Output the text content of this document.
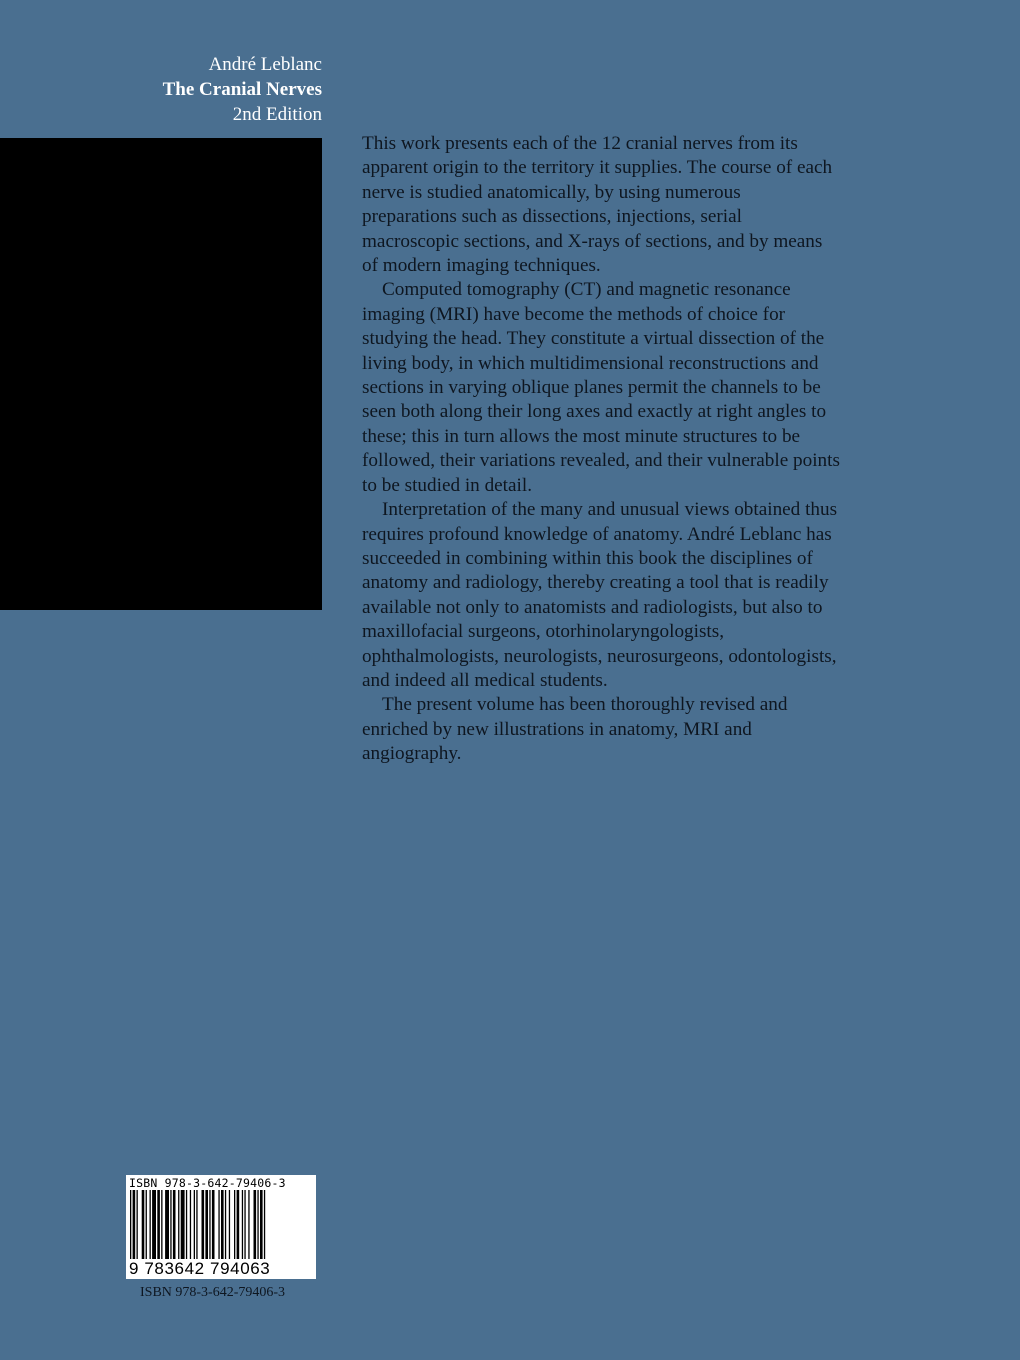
André Leblanc
The Cranial Nerves
2nd Edition

This work presents each of the 12 cranial nerves from its apparent origin to the territory it supplies. The course of each nerve is studied anatomically, by using numerous preparations such as dissections, injections, serial macroscopic sections, and X-rays of sections, and by means of modern imaging techniques.

Computed tomography (CT) and magnetic resonance imaging (MRI) have become the methods of choice for studying the head. They constitute a virtual dissection of the living body, in which multidimensional reconstructions and sections in varying oblique planes permit the channels to be seen both along their long axes and exactly at right angles to these; this in turn allows the most minute structures to be followed, their variations revealed, and their vulnerable points to be studied in detail.

Interpretation of the many and unusual views obtained thus requires profound knowledge of anatomy. André Leblanc has succeeded in combining within this book the disciplines of anatomy and radiology, thereby creating a tool that is readily available not only to anatomists and radiologists, but also to maxillofacial surgeons, otorhinolaryngologists, ophthalmologists, neurologists, neurosurgeons, odontologists, and indeed all medical students.

The present volume has been thoroughly revised and enriched by new illustrations in anatomy, MRI and angiography.

ISBN 978-3-642-79406-3
9 783642 794063
ISBN 978-3-642-79406-3
